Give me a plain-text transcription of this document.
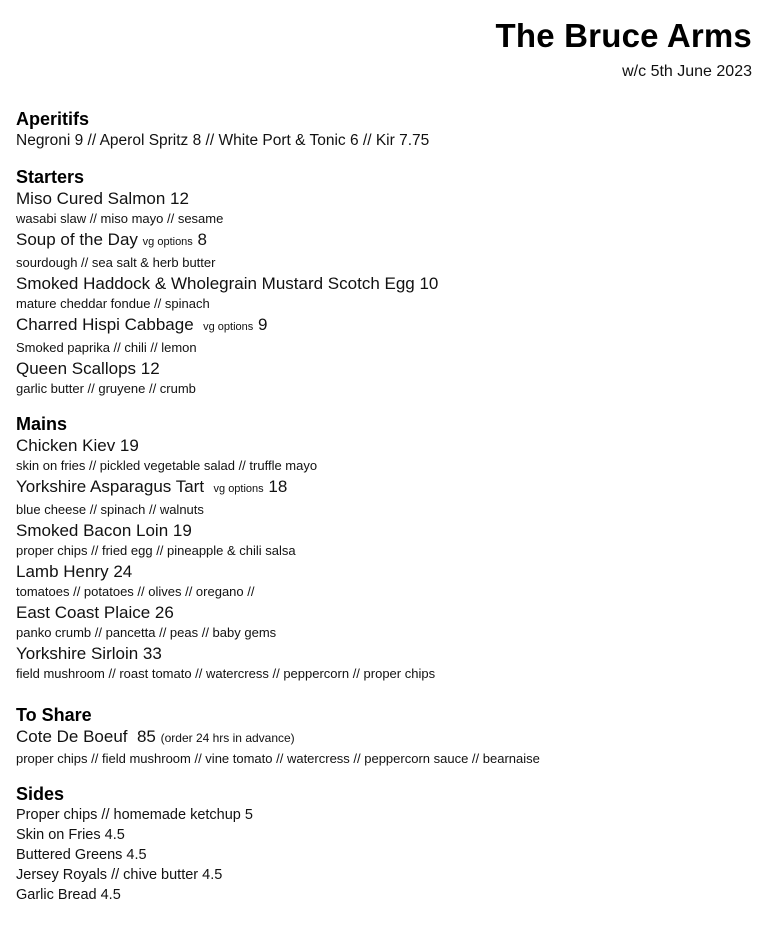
The Bruce Arms
w/c 5th June 2023
Aperitifs
Negroni 9 // Aperol Spritz 8 // White Port & Tonic 6 // Kir 7.75
Starters
Miso Cured Salmon 12
wasabi slaw // miso mayo // sesame
Soup of the Day vg options 8
sourdough // sea salt & herb butter
Smoked Haddock & Wholegrain Mustard Scotch Egg 10
mature cheddar fondue // spinach
Charred Hispi Cabbage vg options 9
Smoked paprika // chili // lemon
Queen Scallops 12
garlic butter // gruyene // crumb
Mains
Chicken Kiev 19
skin on fries // pickled vegetable salad // truffle mayo
Yorkshire Asparagus Tart vg options 18
blue cheese // spinach // walnuts
Smoked Bacon Loin 19
proper chips // fried egg // pineapple & chili salsa
Lamb Henry 24
tomatoes // potatoes // olives // oregano //
East Coast Plaice 26
panko crumb // pancetta // peas // baby gems
Yorkshire Sirloin 33
field mushroom // roast tomato // watercress // peppercorn // proper chips
To Share
Cote De Boeuf  85 (order 24 hrs in advance)
proper chips // field mushroom // vine tomato // watercress // peppercorn sauce // bearnaise
Sides
Proper chips // homemade ketchup 5
Skin on Fries 4.5
Buttered Greens 4.5
Jersey Royals // chive butter 4.5
Garlic Bread 4.5
